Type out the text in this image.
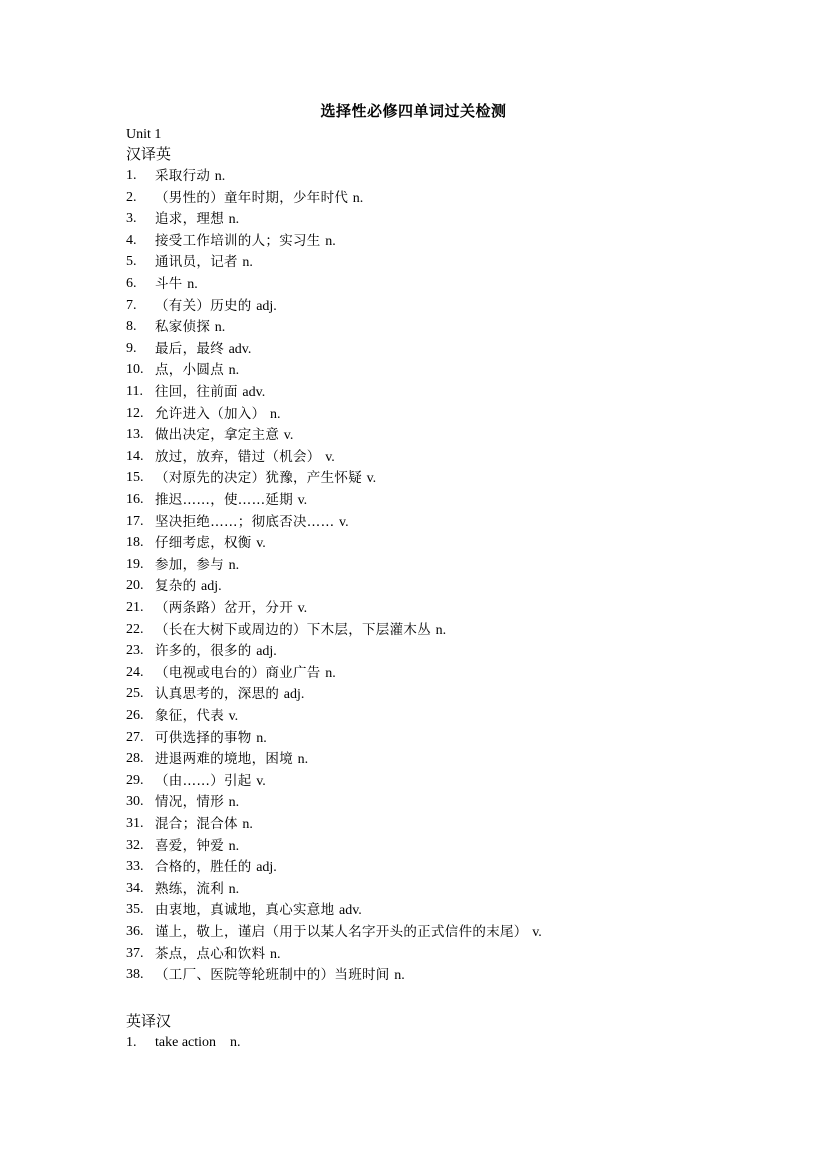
选择性必修四单词过关检测
Unit 1
汉译英
1. 采取行动 n.
2. （男性的）童年时期，少年时代 n.
3. 追求，理想 n.
4. 接受工作培训的人；实习生 n.
5. 通讯员，记者 n.
6. 斗牛 n.
7. （有关）历史的 adj.
8. 私家侦探 n.
9. 最后，最终 adv.
10. 点，小圆点 n.
11. 往回，往前面 adv.
12. 允许进入（加入） n.
13. 做出决定，拿定主意 v.
14. 放过，放弃，错过（机会） v.
15. （对原先的决定）犹豫，产生怀疑 v.
16. 推迟……，使……延期 v.
17. 坚决拒绝……；彻底否决…… v.
18. 仔细考虑，权衡 v.
19. 参加，参与 n.
20. 复杂的 adj.
21. （两条路）岔开，分开 v.
22. （长在大树下或周边的）下木层，下层灌木丛 n.
23. 许多的，很多的 adj.
24. （电视或电台的）商业广告 n.
25. 认真思考的，深思的 adj.
26. 象征，代表 v.
27. 可供选择的事物 n.
28. 进退两难的境地，困境 n.
29. （由……）引起 v.
30. 情况，情形 n.
31. 混合；混合体 n.
32. 喜爱，钟爱 n.
33. 合格的，胜任的 adj.
34. 熟练，流利 n.
35. 由衷地，真诚地，真心实意地 adv.
36. 谨上，敬上，谨启（用于以某人名字开头的正式信件的末尾） v.
37. 茶点，点心和饮料 n.
38. （工厂、医院等轮班制中的）当班时间 n.
英译汉
1. take action n.
